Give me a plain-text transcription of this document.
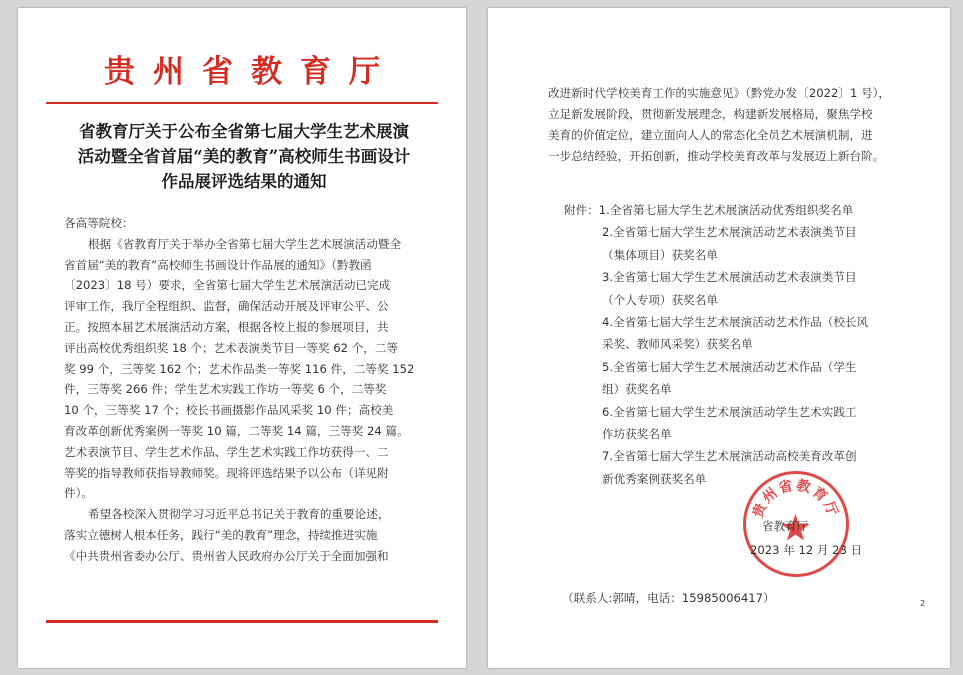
贵州省教育厅
省教育厅关于公布全省第七届大学生艺术展演
活动暨全省首届“美的教育”高校师生书画设计
作品展评选结果的通知
各高等院校：
根据《省教育厅关于举办全省第七届大学生艺术展演活动暨全
省首届“美的教育”高校师生书画设计作品展的通知》（黔教函
〔2023〕18 号）要求，全省第七届大学生艺术展演活动已完成
评审工作，我厅全程组织、监督，确保活动开展及评审公平、公
正。按照本届艺术展演活动方案，根据各校上报的参展项目，共
评出高校优秀组织奖 18 个；艺术表演类节目一等奖 62 个，二等
奖 99 个，三等奖 162 个；艺术作品类一等奖 116 件，二等奖 152
件，三等奖 266 件；学生艺术实践工作坊一等奖 6 个，二等奖
10 个，三等奖 17 个；校长书画摄影作品风采奖 10 件；高校美
育改革创新优秀案例一等奖 10 篇，二等奖 14 篇，三等奖 24 篇。
艺术表演节目、学生艺术作品、学生艺术实践工作坊获得一、二
等奖的指导教师获指导教师奖。现将评选结果予以公布（详见附
件）。
希望各校深入贯彻学习习近平总书记关于教育的重要论述，
落实立德树人根本任务，践行“美的教育”理念，持续推进实施
《中共贵州省委办公厅、贵州省人民政府办公厅关于全面加强和
改进新时代学校美育工作的实施意见》（黔党办发〔2022〕1 号），
立足新发展阶段，贯彻新发展理念，构建新发展格局，聚焦学校
美育的价值定位，建立面向人人的常态化全员艺术展演机制，进
一步总结经验，开拓创新，推动学校美育改革与发展迈上新台阶。
附件：1.全省第七届大学生艺术展演活动优秀组织奖名单
2.全省第七届大学生艺术展演活动艺术表演类节目
（集体项目）获奖名单
3.全省第七届大学生艺术展演活动艺术表演类节目
（个人专项）获奖名单
4.全省第七届大学生艺术展演活动艺术作品（校长风
采奖、教师风采奖）获奖名单
5.全省第七届大学生艺术展演活动艺术作品（学生
组）获奖名单
6.全省第七届大学生艺术展演活动学生艺术实践工
作坊获奖名单
7.全省第七届大学生艺术展演活动高校美育改革创
新优秀案例获奖名单
贵州省教育厅
省教育厅
2023 年 12 月 23 日
（联系人:郭晴，电话：15985006417）	2
